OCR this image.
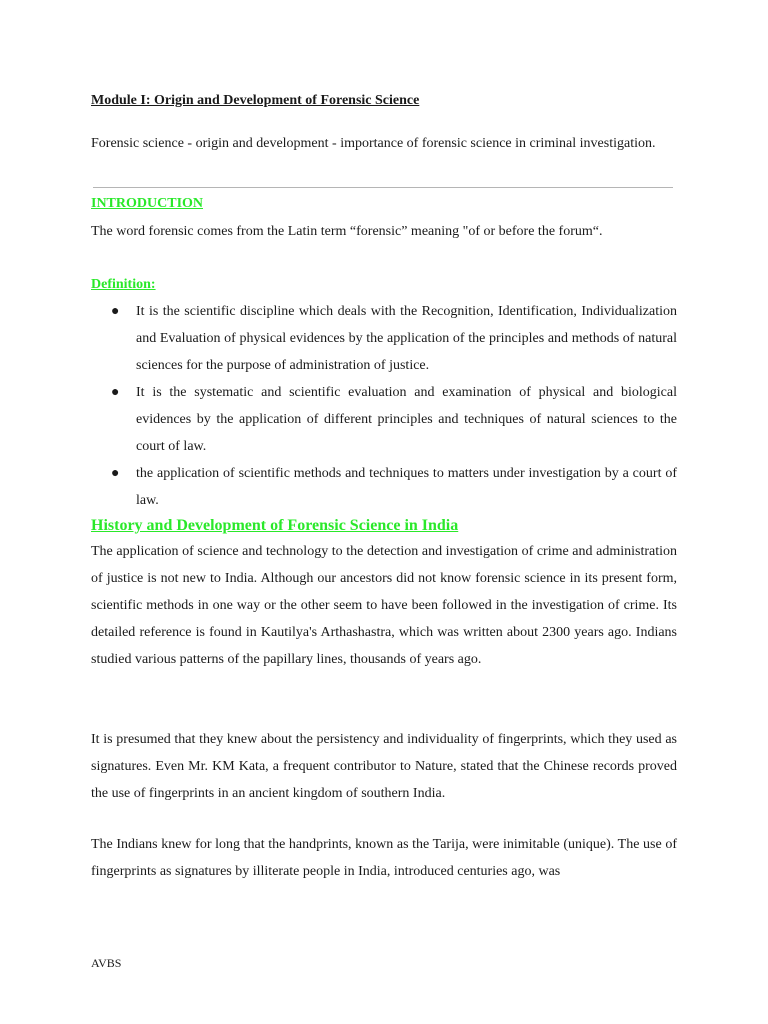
Module I: Origin and Development of Forensic Science
Forensic science - origin and development - importance of forensic science in criminal investigation.
INTRODUCTION
The word forensic comes from the Latin term “forensic” meaning "of or before the forum“.
Definition:
● It is the scientific discipline which deals with the Recognition, Identification, Individualization and Evaluation of physical evidences by the application of the principles and methods of natural sciences for the purpose of administration of justice.
● It is the systematic and scientific evaluation and examination of physical and biological evidences by the application of different principles and techniques of natural sciences to the court of law.
● the application of scientific methods and techniques to matters under investigation by a court of law.
History and Development of Forensic Science in India
The application of science and technology to the detection and investigation of crime and administration of justice is not new to India. Although our ancestors did not know forensic science in its present form, scientific methods in one way or the other seem to have been followed in the investigation of crime. Its detailed reference is found in Kautilya's Arthashastra, which was written about 2300 years ago. Indians studied various patterns of the papillary lines, thousands of years ago.
It is presumed that they knew about the persistency and individuality of fingerprints, which they used as signatures. Even Mr. KM Kata, a frequent contributor to Nature, stated that the Chinese records proved the use of fingerprints in an ancient kingdom of southern India.
The Indians knew for long that the handprints, known as the Tarija, were inimitable (unique). The use of fingerprints as signatures by illiterate people in India, introduced centuries ago, was
AVBS
